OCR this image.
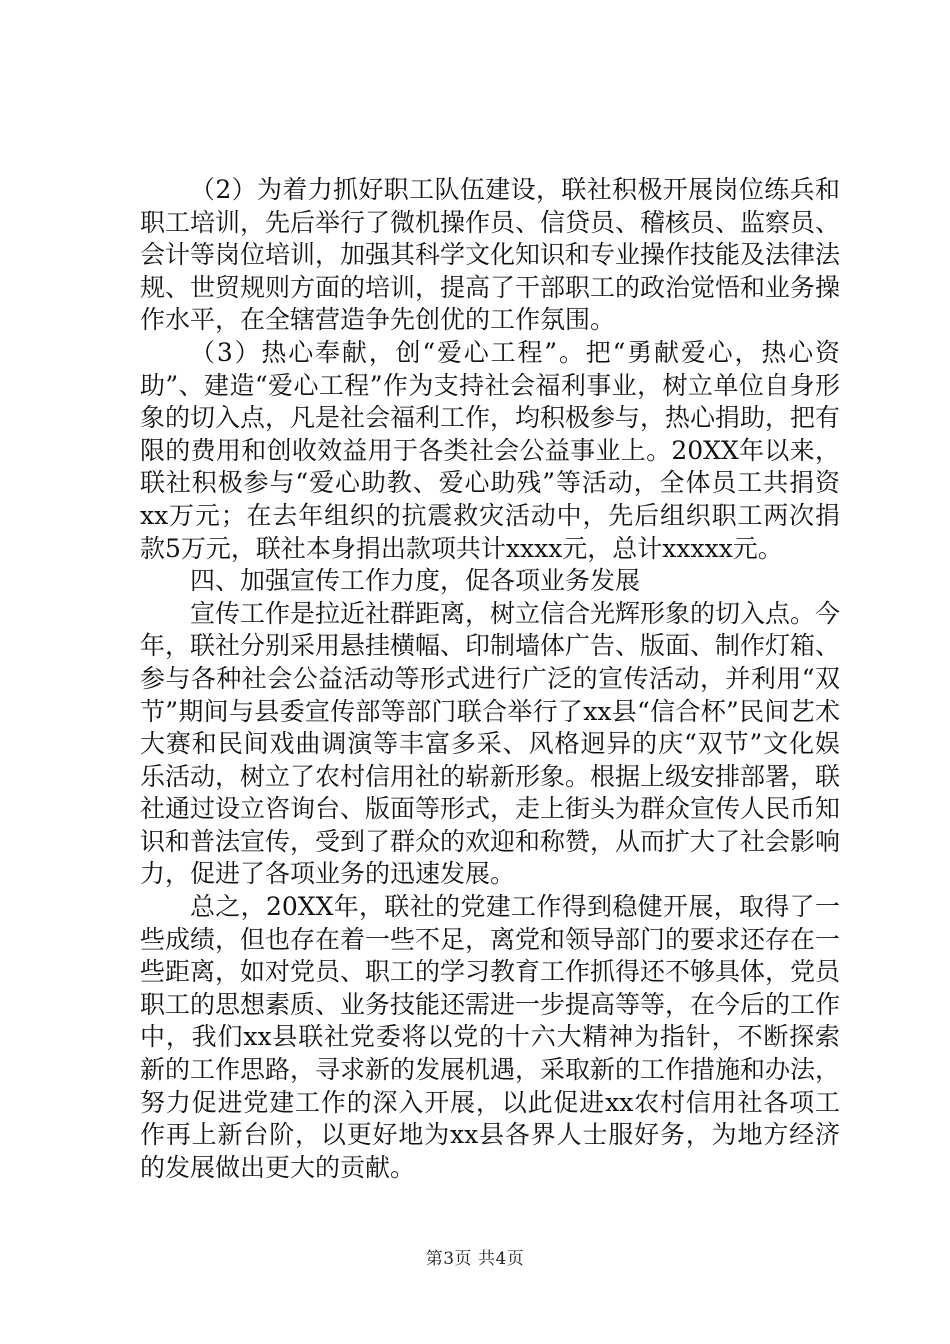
（2）为着力抓好职工队伍建设，联社积极开展岗位练兵和职工培训，先后举行了微机操作员、信贷员、稽核员、监察员、会计等岗位培训，加强其科学文化知识和专业操作技能及法律法规、世贸规则方面的培训，提高了干部职工的政治觉悟和业务操作水平，在全辖营造争先创优的工作氛围。

（3）热心奉献，创“爱心工程”。把“勇献爱心，热心资助”、建造“爱心工程”作为支持社会福利事业，树立单位自身形象的切入点，凡是社会福利工作，均积极参与，热心捐助，把有限的费用和创收效益用于各类社会公益事业上。20XX年以来，联社积极参与“爱心助教、爱心助残”等活动，全体员工共捐资xx万元；在去年组织的抗震救灾活动中，先后组织职工两次捐款5万元，联社本身捐出款项共计xxxx元，总计xxxxx元。

四、加强宣传工作力度，促各项业务发展

宣传工作是拉近社群距离，树立信合光辉形象的切入点。今年，联社分别采用悬挂横幅、印制墙体广告、版面、制作灯箱、参与各种社会公益活动等形式进行广泛的宣传活动，并利用“双节”期间与县委宣传部等部门联合举行了xx县“信合杯”民间艺术大赛和民间戏曲调演等丰富多采、风格迥异的庆“双节”文化娱乐活动，树立了农村信用社的崭新形象。根据上级安排部署，联社通过设立咨询台、版面等形式，走上街头为群众宣传人民币知识和普法宣传，受到了群众的欢迎和称赞，从而扩大了社会影响力，促进了各项业务的迅速发展。

总之，20XX年，联社的党建工作得到稳健开展，取得了一些成绩，但也存在着一些不足，离党和领导部门的要求还存在一些距离，如对党员、职工的学习教育工作抓得还不够具体，党员职工的思想素质、业务技能还需进一步提高等等，在今后的工作中，我们xx县联社党委将以党的十六大精神为指针，不断探索新的工作思路，寻求新的发展机遇，采取新的工作措施和办法，努力促进党建工作的深入开展，以此促进xx农村信用社各项工作再上新台阶，以更好地为xx县各界人士服好务，为地方经济的发展做出更大的贡献。

第3页 共4页
